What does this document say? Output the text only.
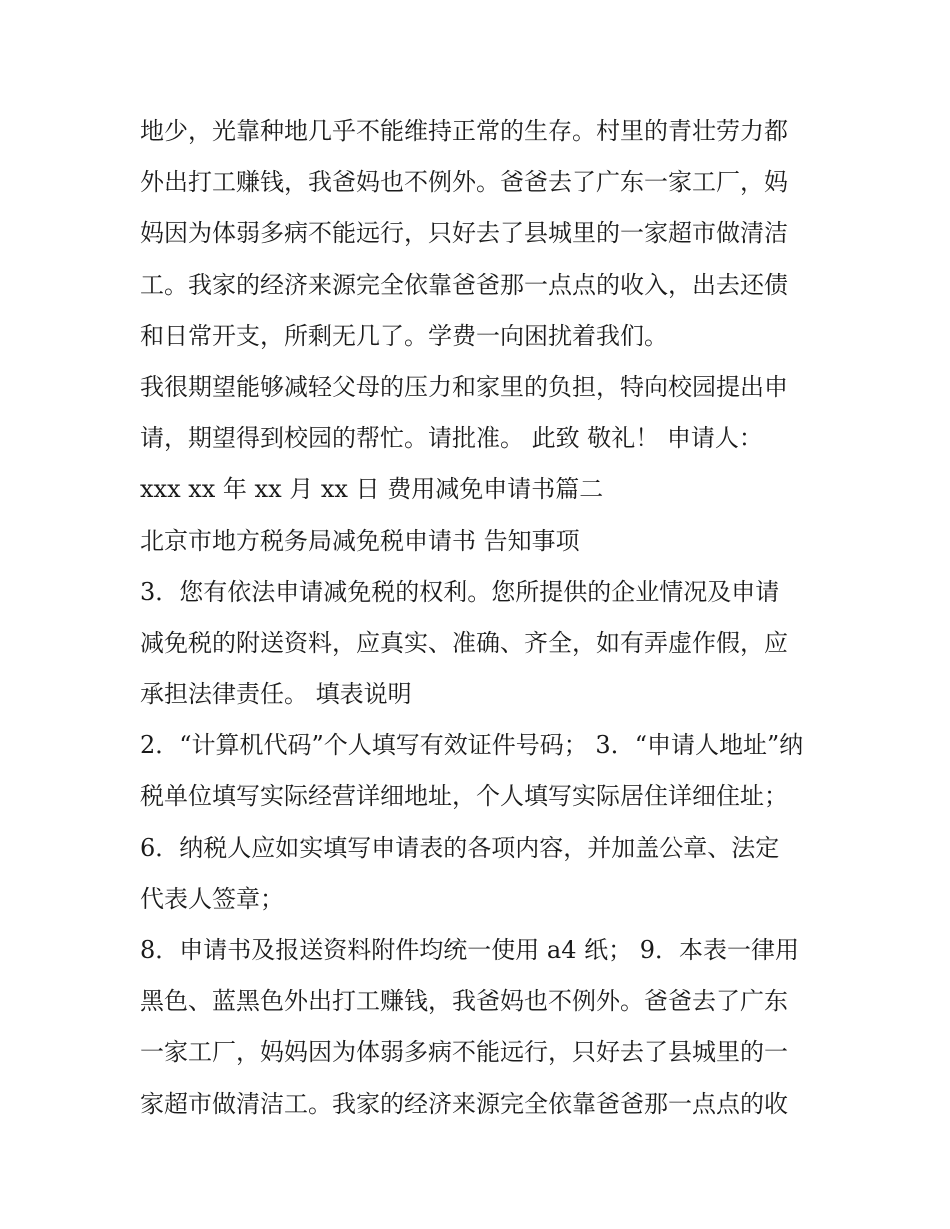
地少，光靠种地几乎不能维持正常的生存。村里的青壮劳力都
外出打工赚钱，我爸妈也不例外。爸爸去了广东一家工厂，妈
妈因为体弱多病不能远行，只好去了县城里的一家超市做清洁
工。我家的经济来源完全依靠爸爸那一点点的收入，出去还债
和日常开支，所剩无几了。学费一向困扰着我们。
我很期望能够减轻父母的压力和家里的负担，特向校园提出申
请，期望得到校园的帮忙。请批准。 此致 敬礼！ 申请人：
xxx xx 年 xx 月 xx 日 费用减免申请书篇二
北京市地方税务局减免税申请书 告知事项
3．您有依法申请减免税的权利。您所提供的企业情况及申请
减免税的附送资料，应真实、准确、齐全，如有弄虚作假，应
承担法律责任。 填表说明
2．“计算机代码”个人填写有效证件号码； 3．“申请人地址”纳
税单位填写实际经营详细地址，个人填写实际居住详细住址；
6．纳税人应如实填写申请表的各项内容，并加盖公章、法定
代表人签章；
8．申请书及报送资料附件均统一使用 a4 纸； 9．本表一律用
黑色、蓝黑色外出打工赚钱，我爸妈也不例外。爸爸去了广东
一家工厂，妈妈因为体弱多病不能远行，只好去了县城里的一
家超市做清洁工。我家的经济来源完全依靠爸爸那一点点的收
